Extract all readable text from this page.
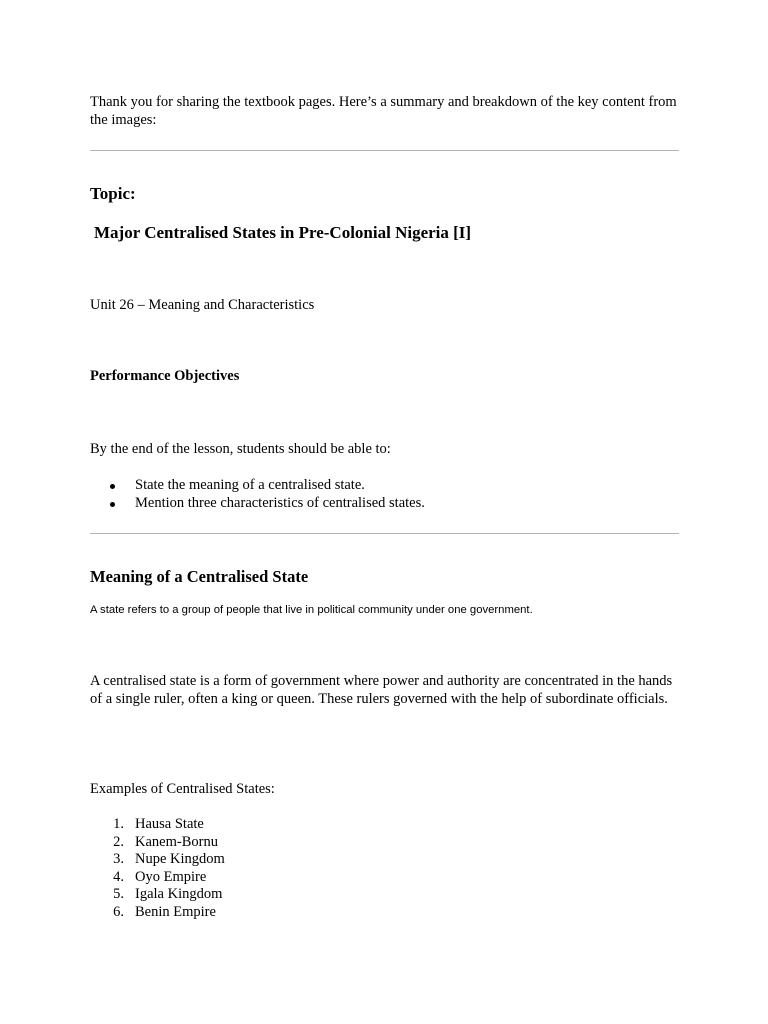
Thank you for sharing the textbook pages. Here’s a summary and breakdown of the key content from the images:
Topic:
Major Centralised States in Pre-Colonial Nigeria [I]
Unit 26 – Meaning and Characteristics
Performance Objectives
By the end of the lesson, students should be able to:
State the meaning of a centralised state.
Mention three characteristics of centralised states.
Meaning of a Centralised State
A state refers to a group of people that live in political community under one government.
A centralised state is a form of government where power and authority are concentrated in the hands of a single ruler, often a king or queen. These rulers governed with the help of subordinate officials.
Examples of Centralised States:
1. Hausa State
2. Kanem-Bornu
3. Nupe Kingdom
4. Oyo Empire
5. Igala Kingdom
6. Benin Empire
